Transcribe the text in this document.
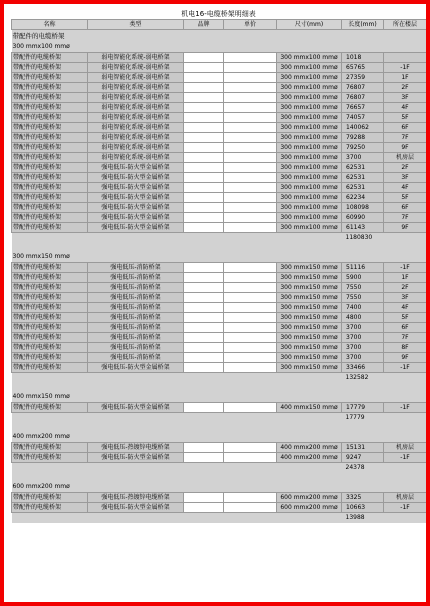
机电16-电缆桥架明细表
名称	类型	品牌	单价	尺寸(mm)	长度(mm)	所在楼层
带配件的电缆桥架						
300 mmx100 mmø						
带配件的电缆桥架	弱电智能化系统-弱电桥架			300 mmx100 mmø	1018	
带配件的电缆桥架	弱电智能化系统-弱电桥架			300 mmx100 mmø	65765	-1F
带配件的电缆桥架	弱电智能化系统-弱电桥架			300 mmx100 mmø	27359	1F
带配件的电缆桥架	弱电智能化系统-弱电桥架			300 mmx100 mmø	76807	2F
带配件的电缆桥架	弱电智能化系统-弱电桥架			300 mmx100 mmø	76807	3F
带配件的电缆桥架	弱电智能化系统-弱电桥架			300 mmx100 mmø	76657	4F
带配件的电缆桥架	弱电智能化系统-弱电桥架			300 mmx100 mmø	74057	5F
带配件的电缆桥架	弱电智能化系统-弱电桥架			300 mmx100 mmø	140062	6F
带配件的电缆桥架	弱电智能化系统-弱电桥架			300 mmx100 mmø	79288	7F
带配件的电缆桥架	弱电智能化系统-弱电桥架			300 mmx100 mmø	79250	9F
带配件的电缆桥架	弱电智能化系统-弱电桥架			300 mmx100 mmø	3700	机房层
带配件的电缆桥架	强电低压-防火型金属桥架			300 mmx100 mmø	62531	2F
带配件的电缆桥架	强电低压-防火型金属桥架			300 mmx100 mmø	62531	3F
带配件的电缆桥架	强电低压-防火型金属桥架			300 mmx100 mmø	62531	4F
带配件的电缆桥架	强电低压-防火型金属桥架			300 mmx100 mmø	62234	5F
带配件的电缆桥架	强电低压-防火型金属桥架			300 mmx100 mmø	108098	6F
带配件的电缆桥架	强电低压-防火型金属桥架			300 mmx100 mmø	60990	7F
带配件的电缆桥架	强电低压-防火型金属桥架			300 mmx100 mmø	61143	9F
					1180830	

300 mmx150 mmø						
带配件的电缆桥架	强电低压-消防桥架			300 mmx150 mmø	51116	-1F
带配件的电缆桥架	强电低压-消防桥架			300 mmx150 mmø	5900	1F
带配件的电缆桥架	强电低压-消防桥架			300 mmx150 mmø	7550	2F
带配件的电缆桥架	强电低压-消防桥架			300 mmx150 mmø	7550	3F
带配件的电缆桥架	强电低压-消防桥架			300 mmx150 mmø	7400	4F
带配件的电缆桥架	强电低压-消防桥架			300 mmx150 mmø	4800	5F
带配件的电缆桥架	强电低压-消防桥架			300 mmx150 mmø	3700	6F
带配件的电缆桥架	强电低压-消防桥架			300 mmx150 mmø	3700	7F
带配件的电缆桥架	强电低压-消防桥架			300 mmx150 mmø	3700	8F
带配件的电缆桥架	强电低压-消防桥架			300 mmx150 mmø	3700	9F
带配件的电缆桥架	强电低压-防火型金属桥架			300 mmx150 mmø	33466	-1F
					132582	

400 mmx150 mmø						
带配件的电缆桥架	强电低压-防火型金属桥架			400 mmx150 mmø	17779	-1F
					17779	

400 mmx200 mmø						
带配件的电缆桥架	强电低压-热镀锌电缆桥架			400 mmx200 mmø	15131	机房层
带配件的电缆桥架	强电低压-防火型金属桥架			400 mmx200 mmø	9247	-1F
					24378	

600 mmx200 mmø						
带配件的电缆桥架	强电低压-热镀锌电缆桥架			600 mmx200 mmø	3325	机房层
带配件的电缆桥架	强电低压-防火型金属桥架			600 mmx200 mmø	10663	-1F
					13988	
